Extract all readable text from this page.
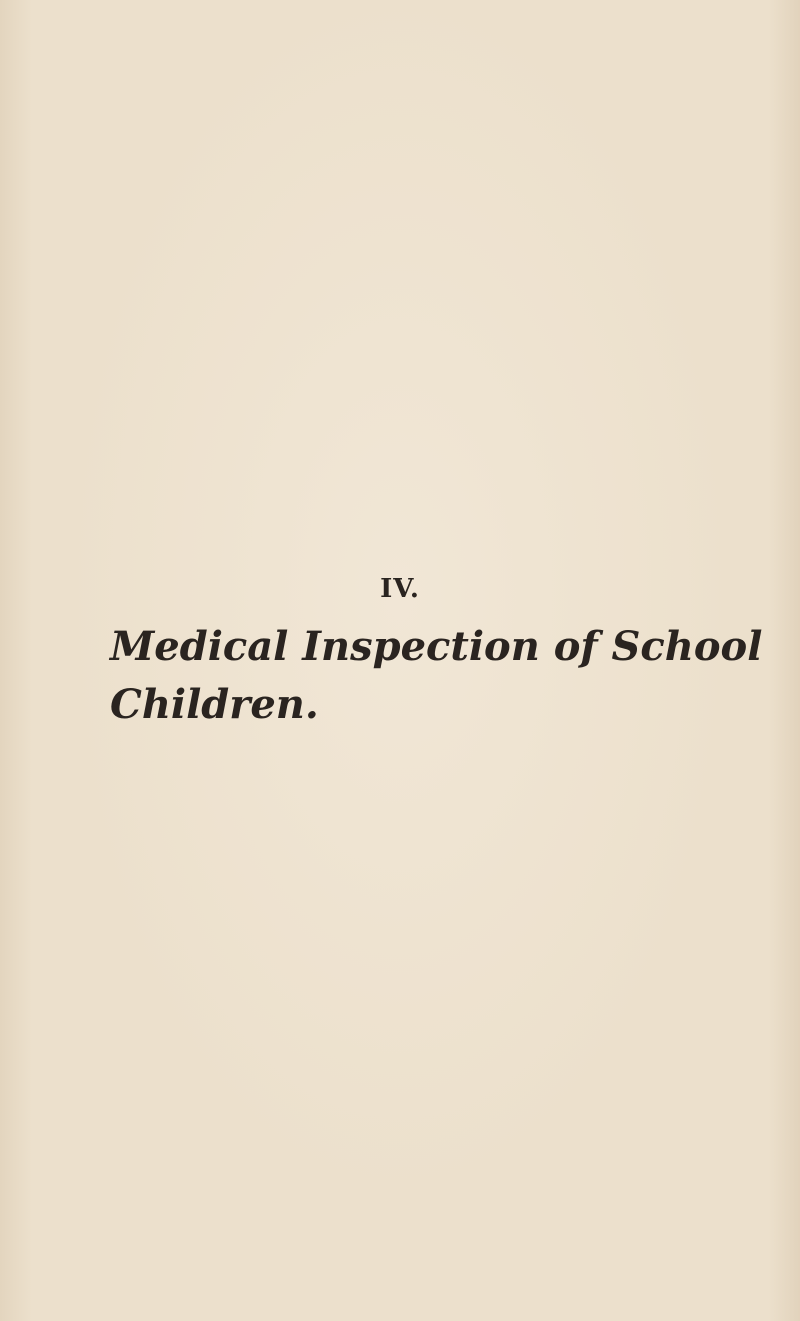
IV.

Medical Inspection of School
Children.
